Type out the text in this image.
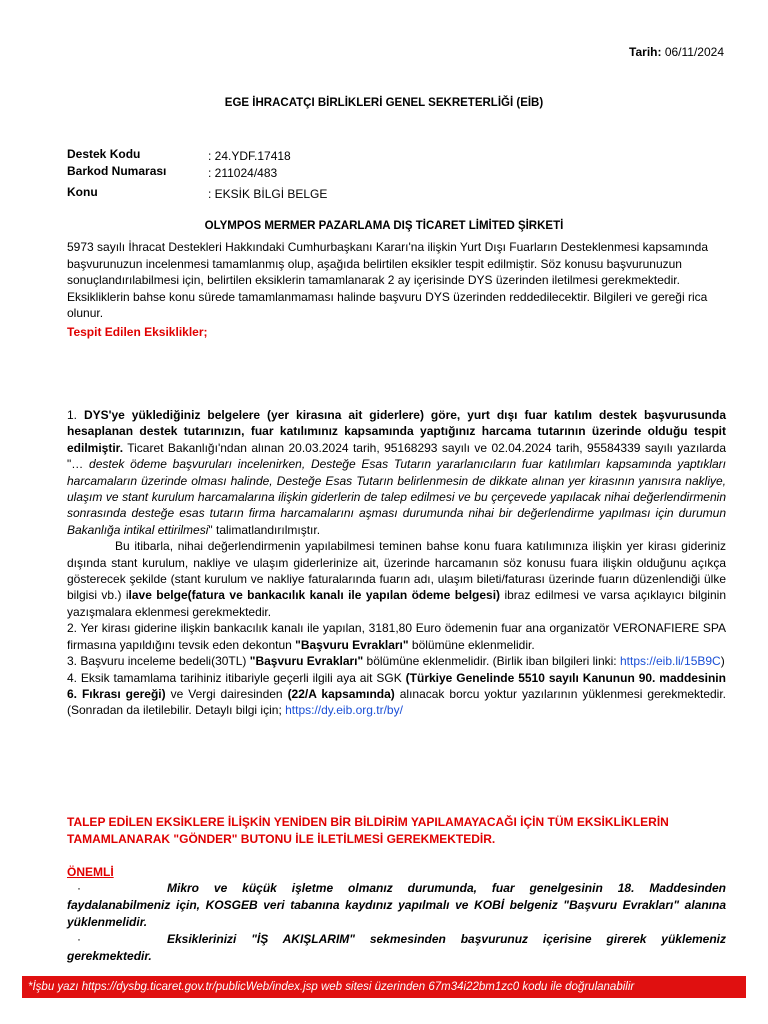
Tarih: 06/11/2024
EGE İHRACATÇI BİRLİKLERİ GENEL SEKRETERLİĞİ (EİB)
Destek Kodu	: 24.YDF.17418
Barkod Numarası	: 211024/483
Konu	: EKSİK BİLGİ BELGE
OLYMPOS MERMER PAZARLAMA DIŞ TİCARET LİMİTED ŞİRKETİ
5973 sayılı İhracat Destekleri Hakkındaki Cumhurbaşkanı Kararı'na ilişkin Yurt Dışı Fuarların Desteklenmesi kapsamında başvurunuzun incelenmesi tamamlanmış olup, aşağıda belirtilen eksikler tespit edilmiştir. Söz konusu başvurunuzun sonuçlandırılabilmesi için, belirtilen eksiklerin tamamlanarak 2 ay içerisinde DYS üzerinden iletilmesi gerekmektedir. Eksikliklerin bahse konu sürede tamamlanmaması halinde başvuru DYS üzerinden reddedilecektir. Bilgileri ve gereği rica olunur.
Tespit Edilen Eksiklikler;

1. DYS'ye yüklediğiniz belgelere (yer kirasına ait giderlere) göre, yurt dışı fuar katılım destek başvurusunda hesaplanan destek tutarınızın, fuar katılımınız kapsamında yaptığınız harcama tutarının üzerinde olduğu tespit edilmiştir. Ticaret Bakanlığı'ndan alınan 20.03.2024 tarih, 95168293 sayılı ve 02.04.2024 tarih, 95584339 sayılı yazılarda "… destek ödeme başvuruları incelenirken, Desteğe Esas Tutarın yararlanıcıların fuar katılımları kapsamında yaptıkları harcamaların üzerinde olması halinde, Desteğe Esas Tutarın belirlenmesin de dikkate alınan yer kirasının yanısıra nakliye, ulaşım ve stant kurulum harcamalarına ilişkin giderlerin de talep edilmesi ve bu çerçevede yapılacak nihai değerlendirmenin sonrasında desteğe esas tutarın firma harcamalarını aşması durumunda nihai bir değerlendirme yapılması için durumun Bakanlığa intikal ettirilmesi" talimatlandırılmıştır.

Bu itibarla, nihai değerlendirmenin yapılabilmesi teminen bahse konu fuara katılımınıza ilişkin yer kirası gideriniz dışında stant kurulum, nakliye ve ulaşım giderlerinize ait, üzerinde harcamanın söz konusu fuara ilişkin olduğunu açıkça gösterecek şekilde (stant kurulum ve nakliye faturalarında fuarın adı, ulaşım bileti/faturası üzerinde fuarın düzenlendiği ülke bilgisi vb.) ilave belge(fatura ve bankacılık kanalı ile yapılan ödeme belgesi) ibraz edilmesi ve varsa açıklayıcı bilginin yazışmalara eklenmesi gerekmektedir.

2. Yer kirası giderine ilişkin bankacılık kanalı ile yapılan, 3181,80 Euro ödemenin fuar ana organizatör VERONAFIERE SPA firmasına yapıldığını tevsik eden dekontun "Başvuru Evrakları" bölümüne eklenmelidir.

3. Başvuru inceleme bedeli(30TL) "Başvuru Evrakları" bölümüne eklenmelidir. (Birlik iban bilgileri linki: https://eib.li/15B9C)

4. Eksik tamamlama tarihiniz itibariyle geçerli ilgili aya ait SGK (Türkiye Genelinde 5510 sayılı Kanunun 90. maddesinin 6. Fıkrası gereği) ve Vergi dairesinden (22/A kapsamında) alınacak borcu yoktur yazılarının yüklenmesi gerekmektedir. (Sonradan da iletilebilir. Detaylı bilgi için; https://dy.eib.org.tr/by/

TALEP EDİLEN EKSİKLERE İLİŞKİN YENİDEN BİR BİLDİRİM YAPILAMAYACAĞI İÇİN TÜM EKSİKLİKLERİN TAMAMLANARAK "GÖNDER" BUTONU İLE İLETİLMESİ GEREKMEKTEDİR.
ÖNEMLİ

·	Mikro ve küçük işletme olmanız durumunda, fuar genelgesinin 18. Maddesinden faydalanabilmeniz için, KOSGEB veri tabanına kaydınız yapılmalı ve KOBİ belgeniz "Başvuru Evrakları" alanına yüklenmelidir.

·	Eksiklerinizi "İŞ AKIŞLARIM" sekmesinden başvurunuz içerisine girerek yüklemeniz gerekmektedir.

*İşbu yazı https://dysbg.ticaret.gov.tr/publicWeb/index.jsp web sitesi üzerinden 67m34i22bm1zc0 kodu ile doğrulanabilir
